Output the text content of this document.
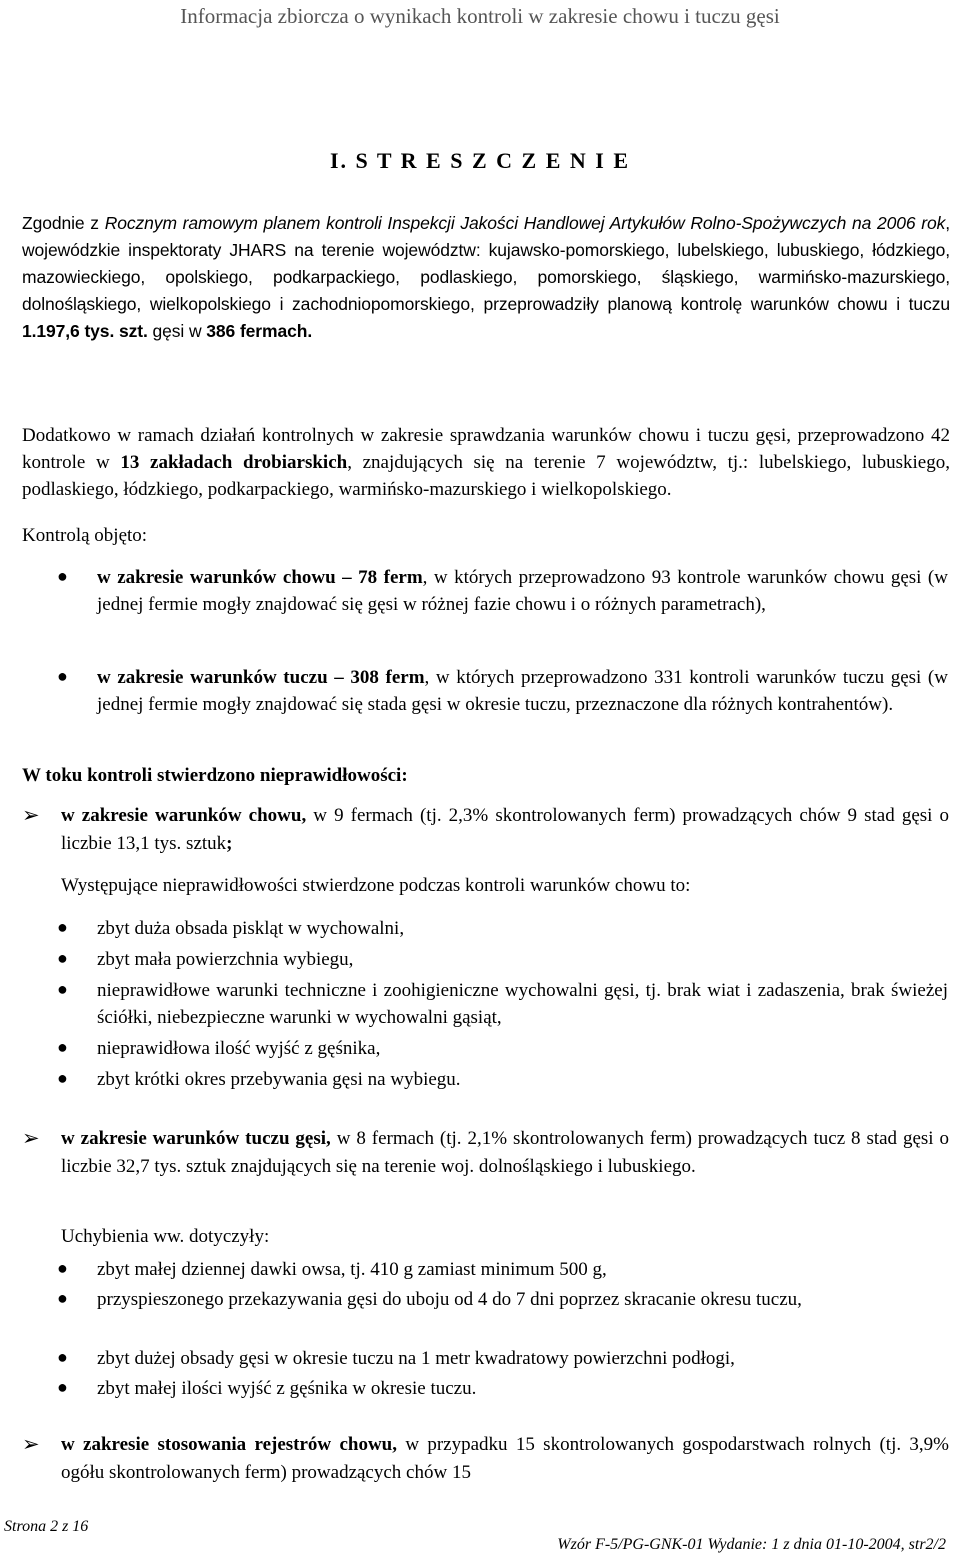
Informacja zbiorcza o wynikach kontroli w zakresie chowu i tuczu gęsi
I. S T R E S Z C Z E N I E
Zgodnie z Rocznym ramowym planem kontroli Inspekcji Jakości Handlowej Artykułów Rolno-Spożywczych na 2006 rok, wojewódzkie inspektoraty JHARS na terenie województw: kujawsko-pomorskiego, lubelskiego, lubuskiego, łódzkiego, mazowieckiego, opolskiego, podkarpackiego, podlaskiego, pomorskiego, śląskiego, warmińsko-mazurskiego, dolnośląskiego, wielkopolskiego i zachodniopomorskiego, przeprowadziły planową kontrolę warunków chowu i tuczu 1.197,6 tys. szt. gęsi w 386 fermach.
Dodatkowo w ramach działań kontrolnych w zakresie sprawdzania warunków chowu i tuczu gęsi, przeprowadzono 42 kontrole w 13 zakładach drobiarskich, znajdujących się na terenie 7 województw, tj.: lubelskiego, lubuskiego, podlaskiego, łódzkiego, podkarpackiego, warmińsko-mazurskiego i wielkopolskiego.
Kontrolą objęto:
● w zakresie warunków chowu – 78 ferm, w których przeprowadzono 93 kontrole warunków chowu gęsi (w jednej fermie mogły znajdować się gęsi w różnej fazie chowu i o różnych parametrach),
● w zakresie warunków tuczu – 308 ferm, w których przeprowadzono 331 kontroli warunków tuczu gęsi (w jednej fermie mogły znajdować się stada gęsi w okresie tuczu, przeznaczone dla różnych kontrahentów).
W toku kontroli stwierdzono nieprawidłowości:
➢ w zakresie warunków chowu, w 9 fermach (tj. 2,3% skontrolowanych ferm) prowadzących chów 9 stad gęsi o liczbie 13,1 tys. sztuk;
Występujące nieprawidłowości stwierdzone podczas kontroli warunków chowu to:
● zbyt duża obsada piskląt w wychowalni,
● zbyt mała powierzchnia wybiegu,
● nieprawidłowe warunki techniczne i zoohigieniczne wychowalni gęsi, tj. brak wiat i zadaszenia, brak świeżej ściółki, niebezpieczne warunki w wychowalni gąsiąt,
● nieprawidłowa ilość wyjść z gęśnika,
● zbyt krótki okres przebywania gęsi na wybiegu.
➢ w zakresie warunków tuczu gęsi, w 8 fermach (tj. 2,1% skontrolowanych ferm) prowadzących tucz 8 stad gęsi o liczbie 32,7 tys. sztuk znajdujących się na terenie woj. dolnośląskiego i lubuskiego.
Uchybienia ww. dotyczyły:
● zbyt małej dziennej dawki owsa, tj. 410 g zamiast minimum 500 g,
● przyspieszonego przekazywania gęsi do uboju od 4 do 7 dni poprzez skracanie okresu tuczu,
● zbyt dużej obsady gęsi w okresie tuczu na 1 metr kwadratowy powierzchni podłogi,
● zbyt małej ilości wyjść z gęśnika w okresie tuczu.
➢ w zakresie stosowania rejestrów chowu, w przypadku 15 skontrolowanych gospodarstwach rolnych (tj. 3,9% ogółu skontrolowanych ferm) prowadzących chów 15
Strona 2 z 16
Wzór F-5/PG-GNK-01 Wydanie: 1 z dnia 01-10-2004, str2/2
